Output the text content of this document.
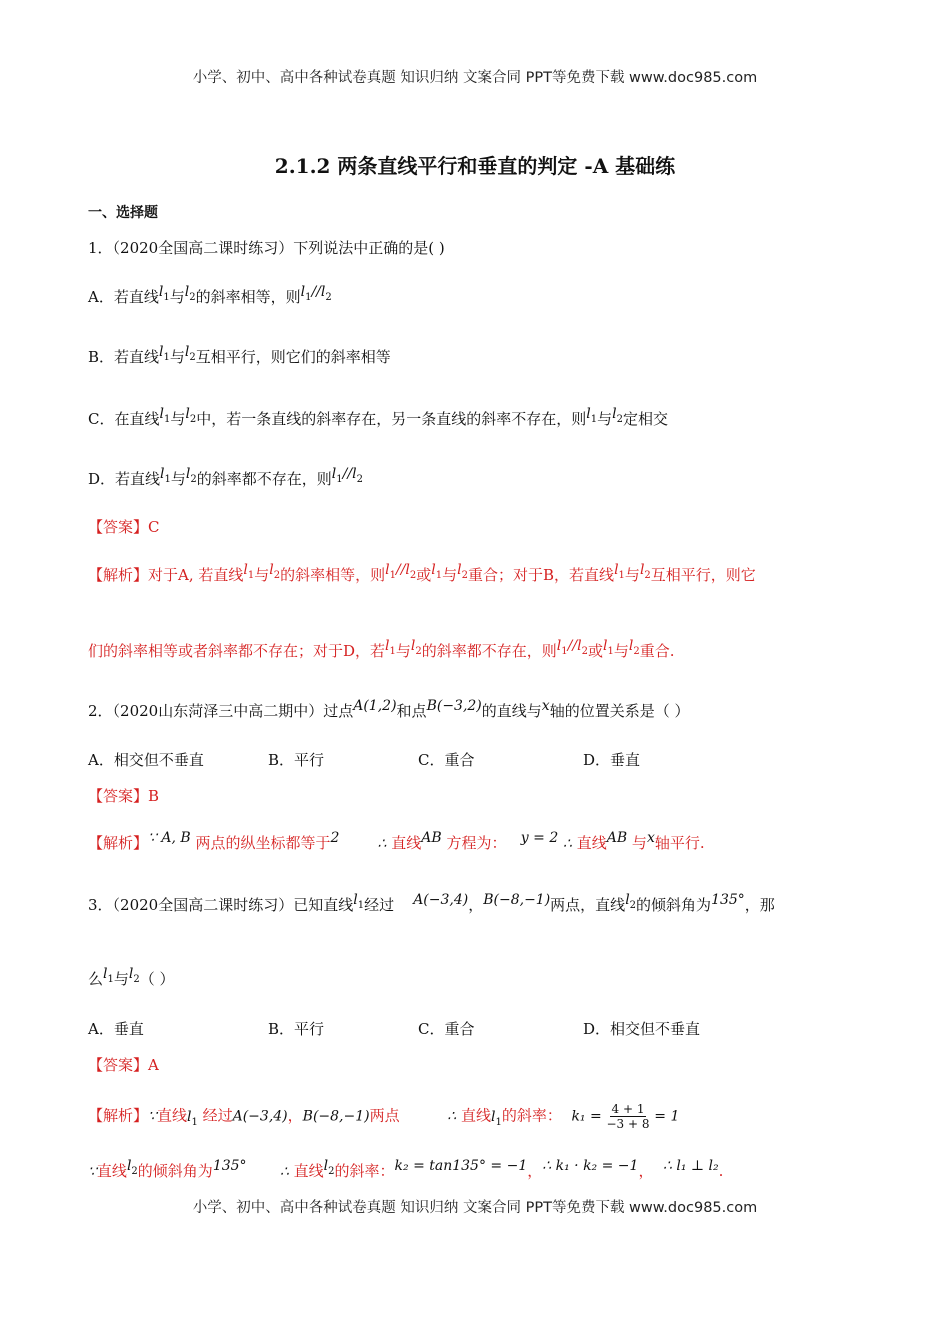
小学、初中、高中各种试卷真题 知识归纳 文案合同 PPT等免费下载 www.doc985.com
2.1.2 两条直线平行和垂直的判定 -A 基础练
一、选择题
1．（2020全国高二课时练习）下列说法中正确的是( )
A．若直线$l_1$与$l_2$的斜率相等，则$l_1//l_2$
B．若直线$l_1$与$l_2$互相平行，则它们的斜率相等
C．在直线$l_1$与$l_2$中，若一条直线的斜率存在，另一条直线的斜率不存在，则$l_1$与$l_2$定相交
D．若直线$l_1$与$l_2$的斜率都不存在，则$l_1//l_2$
【答案】C
【解析】对于A, 若直线$l_1$与$l_2$的斜率相等，则$l_1//l_2$或$l_1$与$l_2$重合；对于B，若直线$l_1$与$l_2$互相平行，则它
们的斜率相等或者斜率都不存在；对于D，若$l_1$与$l_2$的斜率都不存在，则$l_1//l_2$或$l_1$与$l_2$重合.
2．（2020山东菏泽三中高二期中）过点A(1,2)和点B(−3,2)的直线与x轴的位置关系是（ ）
A．相交但不垂直	B．平行	C．重合	D．垂直
【答案】B
【解析】∵ A, B 两点的纵坐标都等于2	∴ 直线AB 方程为： y = 2 ∴ 直线AB 与x轴平行.
3．（2020全国高二课时练习）已知直线$l_1$经过 A(−3,4)，B(−8,−1)两点，直线$l_2$的倾斜角为135°，那
么$l_1$与$l_2$（ ）
A．垂直	B．平行	C．重合	D．相交但不垂直
【答案】A
【解析】∵直线$l_1$ 经过A(−3,4)，B(−8,−1)两点	∴ 直线$l_1$的斜率： $k_1 = \frac{4 + 1}{-3 + 8} = 1$
∵直线$l_2$的倾斜角为135° ∴ 直线$l_2$的斜率：k₂ = tan135° = −1，∴ k₁ · k₂ = −1，  ∴ l₁ ⊥ l₂.
小学、初中、高中各种试卷真题 知识归纳 文案合同 PPT等免费下载 www.doc985.com
